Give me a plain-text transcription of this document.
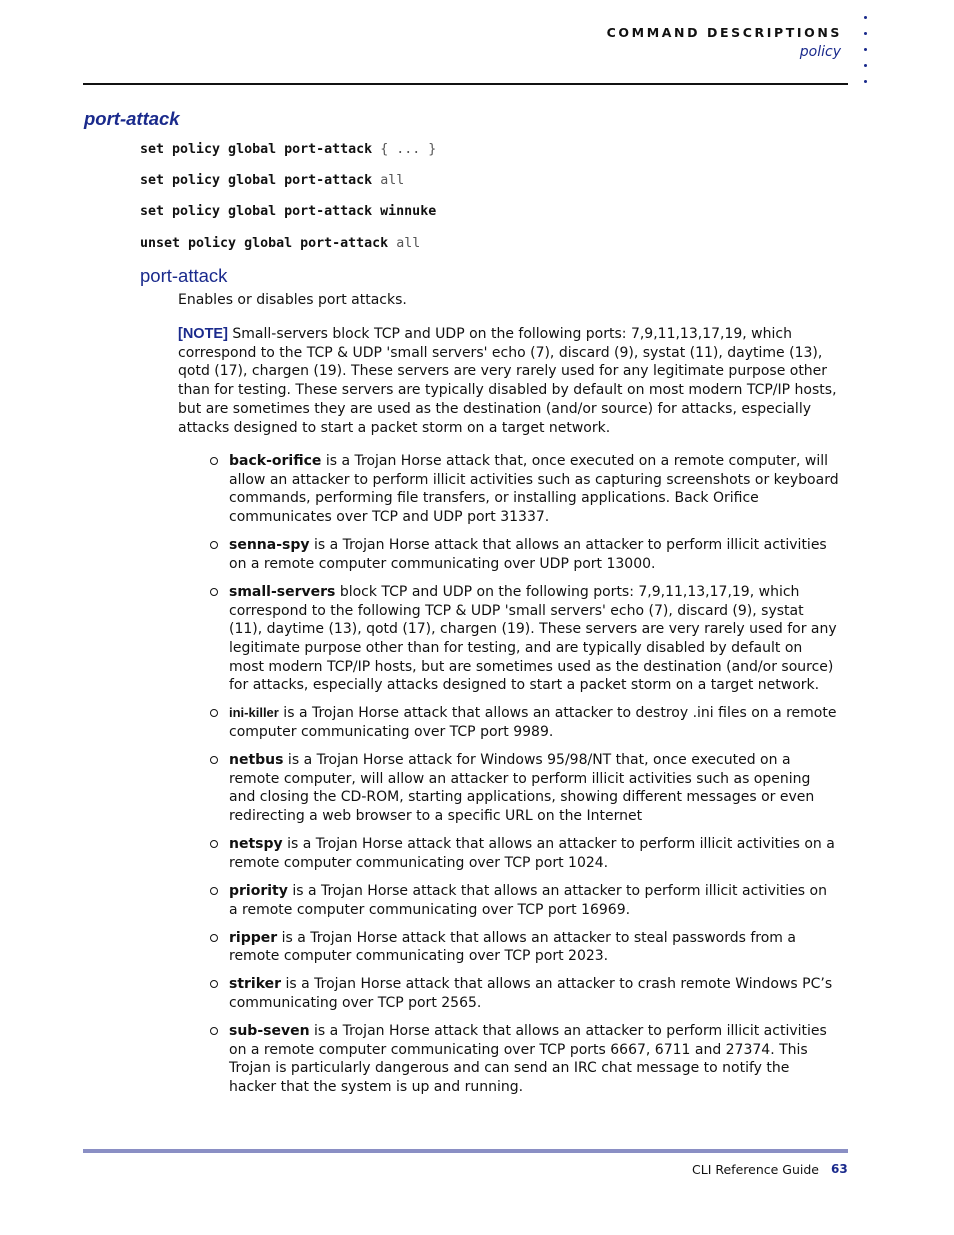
COMMAND DESCRIPTIONS
policy
port-attack
set policy global port-attack { ... }
set policy global port-attack all
set policy global port-attack winnuke
unset policy global port-attack all
port-attack
Enables or disables port attacks.
[NOTE] Small-servers block TCP and UDP on the following ports: 7,9,11,13,17,19, which correspond to the TCP & UDP 'small servers' echo (7), discard (9), systat (11), daytime (13), qotd (17), chargen (19). These servers are very rarely used for any legitimate purpose other than for testing. These servers are typically disabled by default on most modern TCP/IP hosts, but are sometimes they are used as the destination (and/or source) for attacks, especially attacks designed to start a packet storm on a target network.
back-orifice is a Trojan Horse attack that, once executed on a remote computer, will allow an attacker to perform illicit activities such as capturing screenshots or keyboard commands, performing file transfers, or installing applications. Back Orifice communicates over TCP and UDP port 31337.
senna-spy is a Trojan Horse attack that allows an attacker to perform illicit activities on a remote computer communicating over UDP port 13000.
small-servers block TCP and UDP on the following ports: 7,9,11,13,17,19, which correspond to the following TCP & UDP 'small servers' echo (7), discard (9), systat (11), daytime (13), qotd (17), chargen (19). These servers are very rarely used for any legitimate purpose other than for testing, and are typically disabled by default on most modern TCP/IP hosts, but are sometimes used as the destination (and/or source) for attacks, especially attacks designed to start a packet storm on a target network.
ini-killer is a Trojan Horse attack that allows an attacker to destroy .ini files on a remote computer communicating over TCP port 9989.
netbus is a Trojan Horse attack for Windows 95/98/NT that, once executed on a remote computer, will allow an attacker to perform illicit activities such as opening and closing the CD-ROM, starting applications, showing different messages or even redirecting a web browser to a specific URL on the Internet
netspy is a Trojan Horse attack that allows an attacker to perform illicit activities on a remote computer communicating over TCP port 1024.
priority is a Trojan Horse attack that allows an attacker to perform illicit activities on a remote computer communicating over TCP port 16969.
ripper is a Trojan Horse attack that allows an attacker to steal passwords from a remote computer communicating over TCP port 2023.
striker is a Trojan Horse attack that allows an attacker to crash remote Windows PC’s communicating over TCP port 2565.
sub-seven is a Trojan Horse attack that allows an attacker to perform illicit activities on a remote computer communicating over TCP ports 6667, 6711 and 27374. This Trojan is particularly dangerous and can send an IRC chat message to notify the hacker that the system is up and running.
CLI Reference Guide 63
